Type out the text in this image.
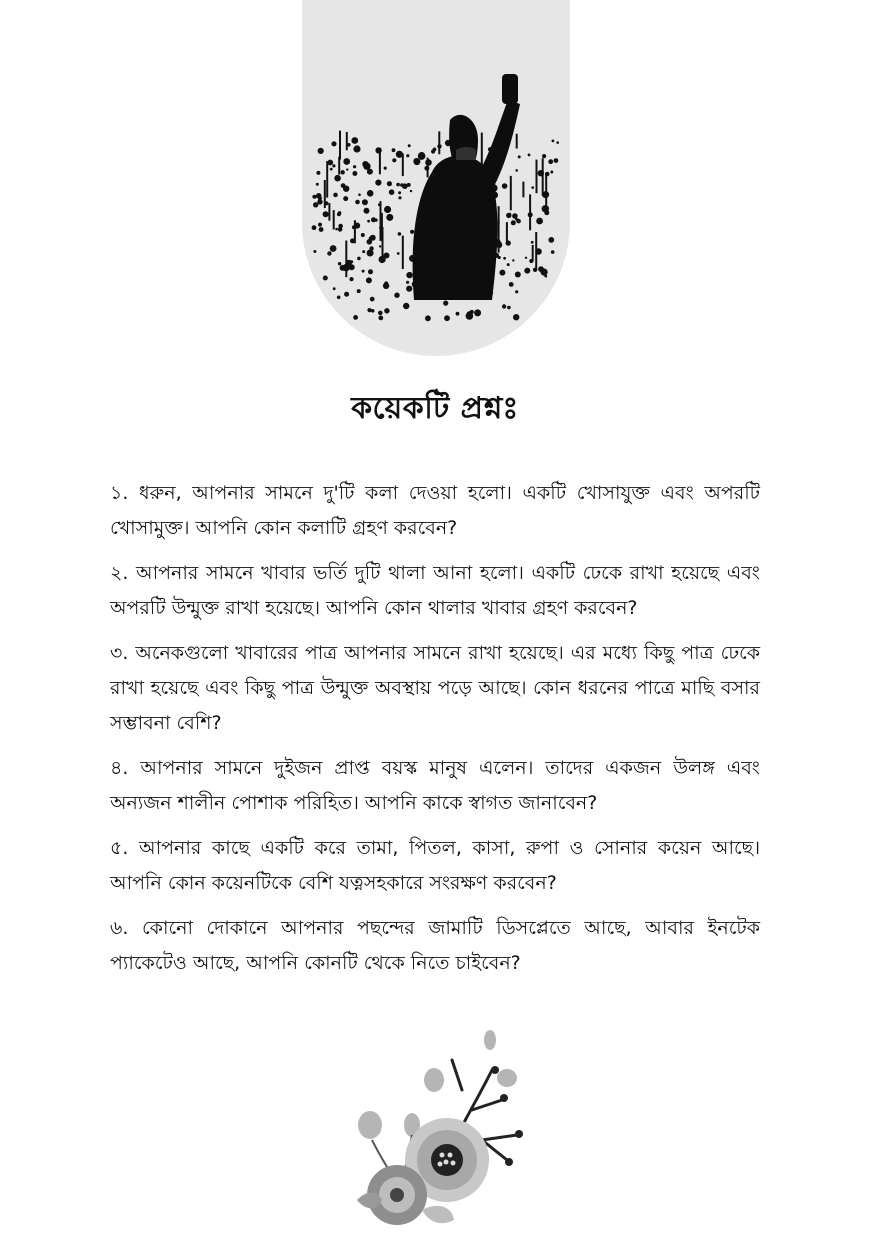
কয়েকটি প্রশ্নঃ
১. ধরুন, আপনার সামনে দু'টি কলা দেওয়া হলো। একটি খোসাযুক্ত এবং অপরটি খোসামুক্ত। আপনি কোন কলাটি গ্রহণ করবেন?
২. আপনার সামনে খাবার ভর্তি দুটি থালা আনা হলো। একটি ঢেকে রাখা হয়েছে এবং অপরটি উন্মুক্ত রাখা হয়েছে। আপনি কোন থালার খাবার গ্রহণ করবেন?
৩. অনেকগুলো খাবারের পাত্র আপনার সামনে রাখা হয়েছে। এর মধ্যে কিছু পাত্র ঢেকে রাখা হয়েছে এবং কিছু পাত্র উন্মুক্ত অবস্থায় পড়ে আছে। কোন ধরনের পাত্রে মাছি বসার সম্ভাবনা বেশি?
৪. আপনার সামনে দুইজন প্রাপ্ত বয়স্ক মানুষ এলেন। তাদের একজন উলঙ্গ এবং অন্যজন শালীন পোশাক পরিহিত। আপনি কাকে স্বাগত জানাবেন?
৫. আপনার কাছে একটি করে তামা, পিতল, কাসা, রুপা ও সোনার কয়েন আছে। আপনি কোন কয়েনটিকে বেশি যত্নসহকারে সংরক্ষণ করবেন?
৬. কোনো দোকানে আপনার পছন্দের জামাটি ডিসপ্লেতে আছে, আবার ইনটেক প্যাকেটেও আছে, আপনি কোনটি থেকে নিতে চাইবেন?
